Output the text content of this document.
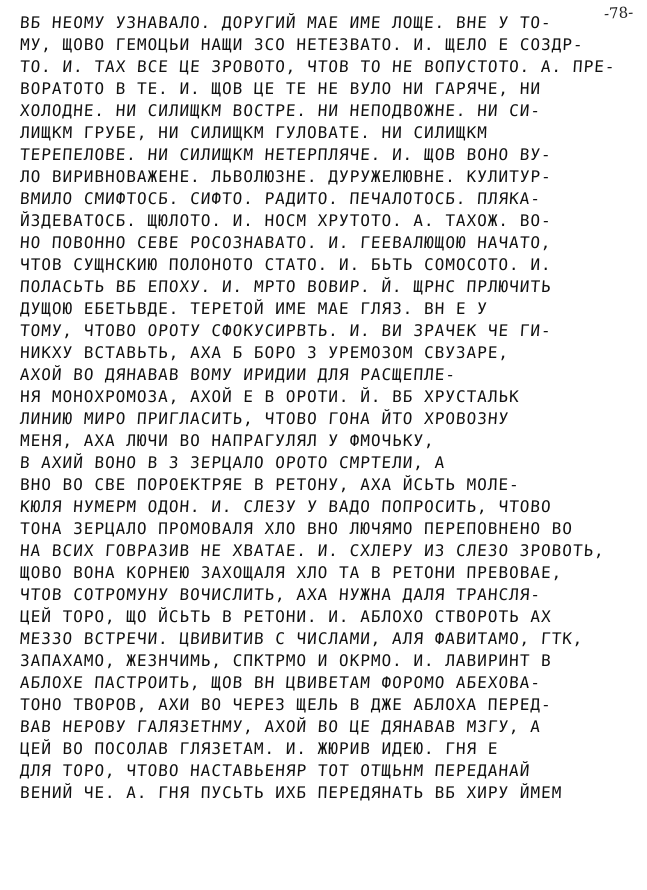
-78-
ВБ НЕОМУ УЗНАВАЛО. ДОРУГИЙ МАЕ ИМЕ ЛОЩЕ. ВНЕ У ТО-
МУ, ЩОВО ГЕМОЦЬИ НАЩИ ЗСО НЕТЕЗВАТО. И. ЩЕЛО Е СОЗДР-
ТО. И. ТАХ ВСЕ ЦЕ ЗРОВОТО, ЧТОВ ТО НЕ ВОПУСТОТО. А. ПРЕ-
ВОРАТОТО В ТЕ. И. ЩОВ ЦЕ ТЕ НЕ ВУЛО НИ ГАРЯЧЕ, НИ
ХОЛОДНЕ. НИ СИЛИЩКМ ВОСТРЕ. НИ НЕПОДВОЖНЕ. НИ СИ-
ЛИЩКМ ГРУБЕ, НИ СИЛИЩКМ ГУЛОВАТЕ. НИ СИЛИЩКМ
ТЕРЕПЕЛОВЕ. НИ СИЛИЩКМ НЕТЕРПЛЯЧЕ. И. ЩОВ ВОНО ВУ-
ЛО ВИРИВНОВАЖЕНЕ. ЛЬВОЛЮЗНЕ. ДУРУЖЕЛЮВНЕ. КУЛИТУР-
ВМИЛО СМИФТОСБ. СИФТО. РАДИТО. ПЕЧАЛОТОСБ. ПЛЯКА-
ЙЗДЕВАТОСБ. ЩЮЛОТО. И. НОСМ ХРУТОТО. А. ТАХОЖ. ВО-
НО ПОВОННО СЕВЕ РОСОЗНАВАТО. И. ГЕЕВАЛЮЩОЮ НАЧАТО,
ЧТОВ СУЩНСКИЮ ПОЛОНОТО СТАТО. И. БЬТЬ СОМОСОТО. И.
ПОЛАСЬТЬ ВБ ЕПОХУ. И. МРТО ВОВИР. Й. ЩРНС ПРЛЮЧИТЬ
ДУЩОЮ ЕБЕТЬВДЕ. ТЕРЕТОЙ ИМЕ МАЕ ГЛЯЗ. ВН Е У
ТОМУ, ЧТОВО ОРОТУ СФОКУСИРВТЬ. И. ВИ ЗРАЧЕК ЧЕ ГИ-
НИКХУ ВСТАВЬТЬ, АХА Б БОРО 3 УРЕМОЗОМ СВУЗАРЕ,
АХОЙ ВО ДЯНАВАВ ВОМУ ИРИДИИ ДЛЯ РАСЩЕПЛЕ-
НЯ МОНОХРОМОЗА, АХОЙ Е В ОРОТИ. Й. ВБ ХРУСТАЛЬК
ЛИНИЮ МИРО ПРИГЛАСИТЬ, ЧТОВО ГОНА ЙТО ХРОВОЗНУ
МЕНЯ, АХА ЛЮЧИ ВО НАПРАГУЛЯЛ У ФМОЧЬКУ,
В АХИЙ ВОНО В З ЗЕРЦАЛО ОРОТО СМРТЕЛИ, А
ВНО ВО СВЕ ПОРОЕКТРЯЕ В РЕТОНУ, АХА ЙСЬТЬ МОЛЕ-
КЮЛЯ НУМЕРМ ОДОН. И. СЛЕЗУ У ВАДО ПОПРОСИТЬ, ЧТОВО
ТОНА ЗЕРЦАЛО ПРОМОВАЛЯ ХЛО ВНО ЛЮЧЯМО ПЕРЕПОВНЕНО ВО
НА ВСИХ ГОВРАЗИВ НЕ ХВАТАЕ. И. СХЛЕРУ ИЗ СЛЕЗО ЗРОВОТЬ,
ЩОВО ВОНА КОРНЕЮ ЗАХОЩАЛЯ ХЛО ТА В РЕТОНИ ПРЕВОВАЕ,
ЧТОВ СОТРОМУНУ ВОЧИСЛИТЬ, АХА НУЖНА ДАЛЯ ТРАНСЛЯ-
ЦЕЙ ТОРО, ЩО ЙСЬТЬ В РЕТОНИ. И. АБЛОХО СТВОРОТЬ АХ
МЕЗЗО ВСТРЕЧИ. ЦВИВИТИВ С ЧИСЛАМИ, АЛЯ ФАВИТАМО, ГТК,
ЗАПАХАМО, ЖЕЗНЧИМЬ, СПКТРМО И ОКРМО. И. ЛАВИРИНТ В
АБЛОХЕ ПАСТРОИТЬ, ЩОВ ВН ЦВИВЕТАМ ФОРОМО АБЕХОВА-
ТОНО ТВОРОВ, АХИ ВО ЧЕРЕЗ ЩЕЛЬ В ДЖЕ АБЛОХА ПЕРЕД-
ВАВ НЕРОВУ ГАЛЯЗЕТНМУ, АХОЙ ВО ЦЕ ДЯНАВАВ МЗГУ, А
ЦЕЙ ВО ПОСОЛАВ ГЛЯЗЕТАМ. И. ЖЮРИВ ИДЕЮ. ГНЯ Е
ДЛЯ ТОРО, ЧТОВО НАСТАВЬЕНЯР ТОТ ОТЩЬНМ ПЕРЕДАНАЙ
ВЕНИЙ ЧЕ. А. ГНЯ ПУСЬТЬ ИХБ ПЕРЕДЯНАТЬ ВБ ХИРУ ЙМЕМ
